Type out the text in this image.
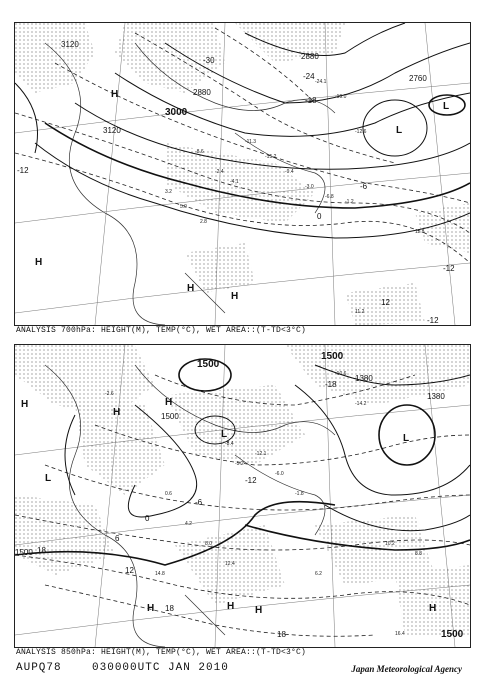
-8.6
-2.4
-4.1
-11.3
-15.2
-9.4
-3.0
-6.8
-1.2
3.2
5.0
2.8
-24.1
-19.0
-12.6
11.2
11.8
3120
3000
3120
2880
2880
2760
0
-6
-12
-18
-24
-30
-12
-12
12
L
L
H
H
H
H
ANALYSIS 700hPa: HEIGHT(M), TEMP(°C), WET AREA::(T-TD<3°C)
-2.6
-8.4
-5.2
-12.1
-6.0
-1.8
0.6
4.2
8.0
12.4
14.8
-10.6
-14.2
10.2
8.8
16.4
6.2
1500
1500
1500
1380
1380
1500
1500
18
-18
-12
-6
0
6
12
18
18
L	L
H
H
H
L
H H	H
H
ANALYSIS 850hPa: HEIGHT(M), TEMP(°C), WET AREA::(T-TD<3°C)
AUPQ78	030000UTC JAN 2010	Japan Meteorological Agency
